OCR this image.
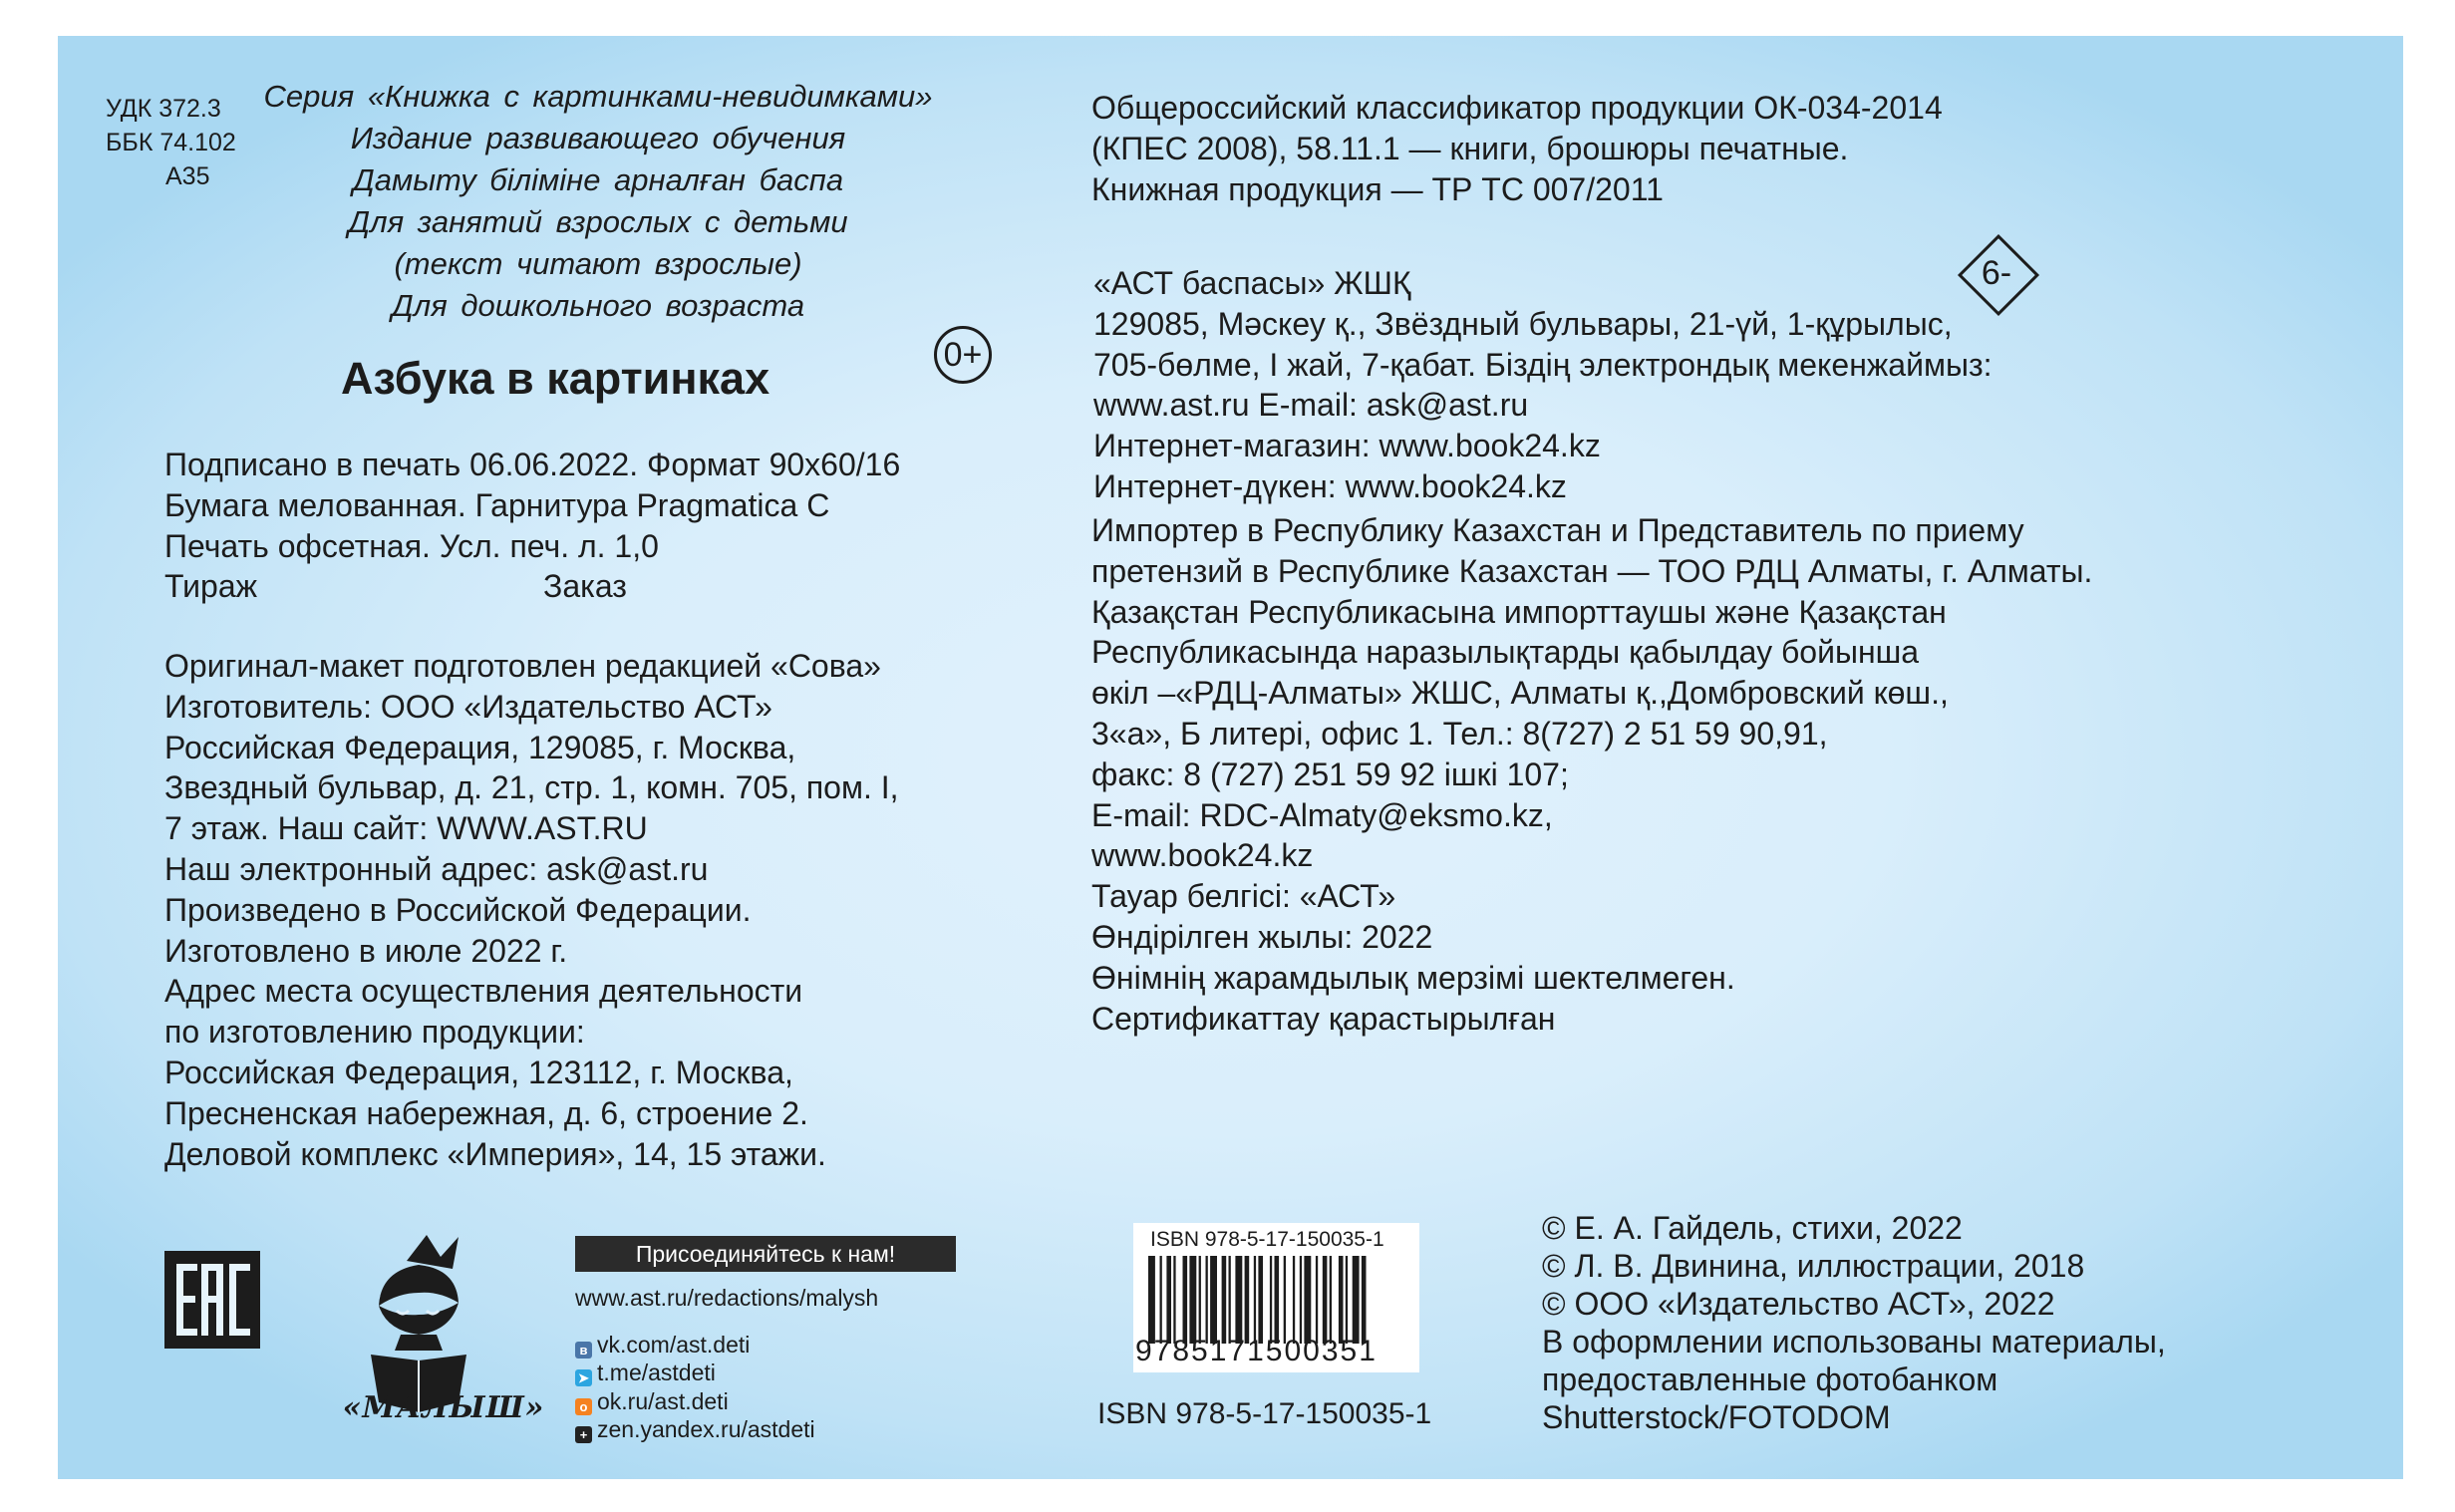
УДК 372.3
ББК 74.102
А35
Серия «Книжка с картинками-невидимками»
Издание развивающего обучения
Дамыту біліміне арналған баспа
Для занятий взрослых с детьми
(текст читают взрослые)
Для дошкольного возраста
Азбука в картинках	0+
Подписано в печать 06.06.2022. Формат 90х60/16
Бумага мелованная. Гарнитура Pragmatica C
Печать офсетная. Усл. печ. л. 1,0
Тираж	Заказ
Оригинал-макет подготовлен редакцией «Сова»
Изготовитель: ООО «Издательство АСТ»
Российская Федерация, 129085, г. Москва,
Звездный бульвар, д. 21, стр. 1, комн. 705, пом. I,
7 этаж. Наш сайт: WWW.AST.RU
Наш электронный адрес: ask@ast.ru
Произведено в Российской Федерации.
Изготовлено в июле 2022 г.
Адрес места осуществления деятельности
по изготовлению продукции:
Российская Федерация, 123112, г. Москва,
Пресненская набережная, д. 6, строение 2.
Деловой комплекс «Империя», 14, 15 этажи.
Общероссийский классификатор продукции ОК-034-2014
(КПЕС 2008), 58.11.1 — книги, брошюры печатные.
Книжная продукция — ТР ТС 007/2011
6-
«АСТ баспасы» ЖШҚ
129085, Мәскеу қ., Звёздный бульвары, 21-үй, 1-құрылыс,
705-бөлме, I жай, 7-қабат. Біздің электрондық мекенжаймыз:
www.ast.ru E-mail: ask@ast.ru
Интернет-магазин: www.book24.kz
Интернет-дүкен: www.book24.kz
Импортер в Республику Казахстан и Представитель по приему
претензий в Республике Казахстан — ТОО РДЦ Алматы, г. Алматы.
Қазақстан Республикасына импорттаушы және Қазақстан
Республикасында наразылықтарды қабылдау бойынша
өкіл –«РДЦ-Алматы» ЖШС, Алматы қ.,Домбровский көш.,
3«а», Б литері, офис 1. Тел.: 8(727) 2 51 59 90,91,
факс: 8 (727) 251 59 92 ішкі 107;
E-mail: RDC-Almaty@eksmo.kz,
www.book24.kz
Тауар белгісі: «АСТ»
Өндірілген жылы: 2022
Өнімнің жарамдылық мерзімі шектелмеген.
Сертификаттау қарастырылған
«МАЛЫШ»
Присоединяйтесь к нам!
www.ast.ru/redactions/malysh
в vk.com/ast.deti
➤ t.me/astdeti
о ok.ru/ast.deti
+ zen.yandex.ru/astdeti
ISBN 978-5-17-150035-1
9785171500351
ISBN 978-5-17-150035-1
© Е. А. Гайдель, стихи, 2022
© Л. В. Двинина, иллюстрации, 2018
© ООО «Издательство АСТ», 2022
В оформлении использованы материалы,
предоставленные фотобанком
Shutterstock/FOTODOM
